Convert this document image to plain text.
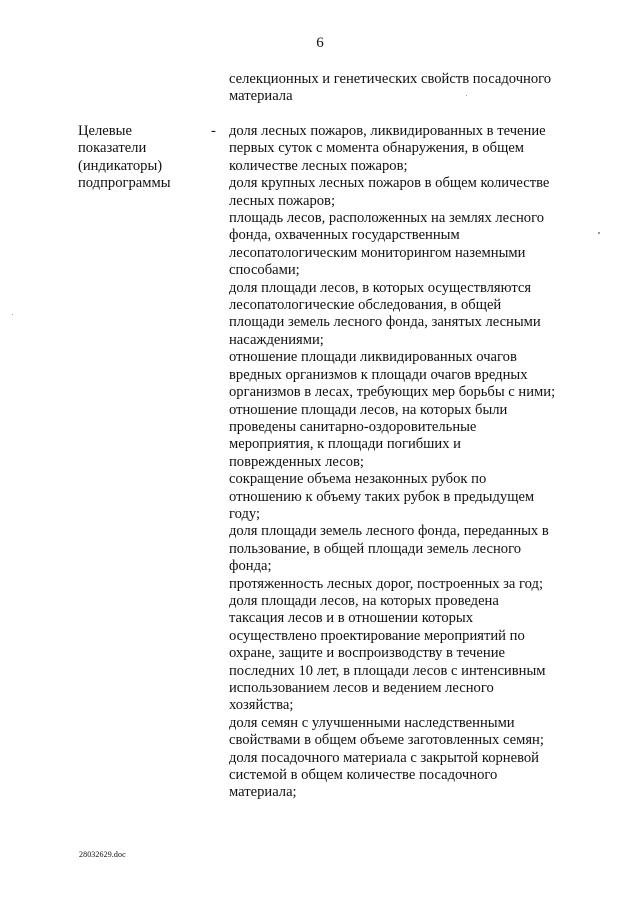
6
селекционных и генетических свойств посадочного
материала
Целевые
показатели
(индикаторы)
подпрограммы
- доля лесных пожаров, ликвидированных в течение
первых суток с момента обнаружения, в общем
количестве лесных пожаров;
доля крупных лесных пожаров в общем количестве
лесных пожаров;
площадь лесов, расположенных на землях лесного
фонда, охваченных государственным
лесопатологическим мониторингом наземными
способами;
доля площади лесов, в которых осуществляются
лесопатологические обследования, в общей
площади земель лесного фонда, занятых лесными
насаждениями;
отношение площади ликвидированных очагов
вредных организмов к площади очагов вредных
организмов в лесах, требующих мер борьбы с ними;
отношение площади лесов, на которых были
проведены санитарно-оздоровительные
мероприятия, к площади погибших и
поврежденных лесов;
сокращение объема незаконных рубок по
отношению к объему таких рубок в предыдущем
году;
доля площади земель лесного фонда, переданных в
пользование, в общей площади земель лесного
фонда;
протяженность лесных дорог, построенных за год;
доля площади лесов, на которых проведена
таксация лесов и в отношении которых
осуществлено проектирование мероприятий по
охране, защите и воспроизводству в течение
последних 10 лет, в площади лесов с интенсивным
использованием лесов и ведением лесного
хозяйства;
доля семян с улучшенными наследственными
свойствами в общем объеме заготовленных семян;
доля посадочного материала с закрытой корневой
системой в общем количестве посадочного
материала;
28032629.doc
